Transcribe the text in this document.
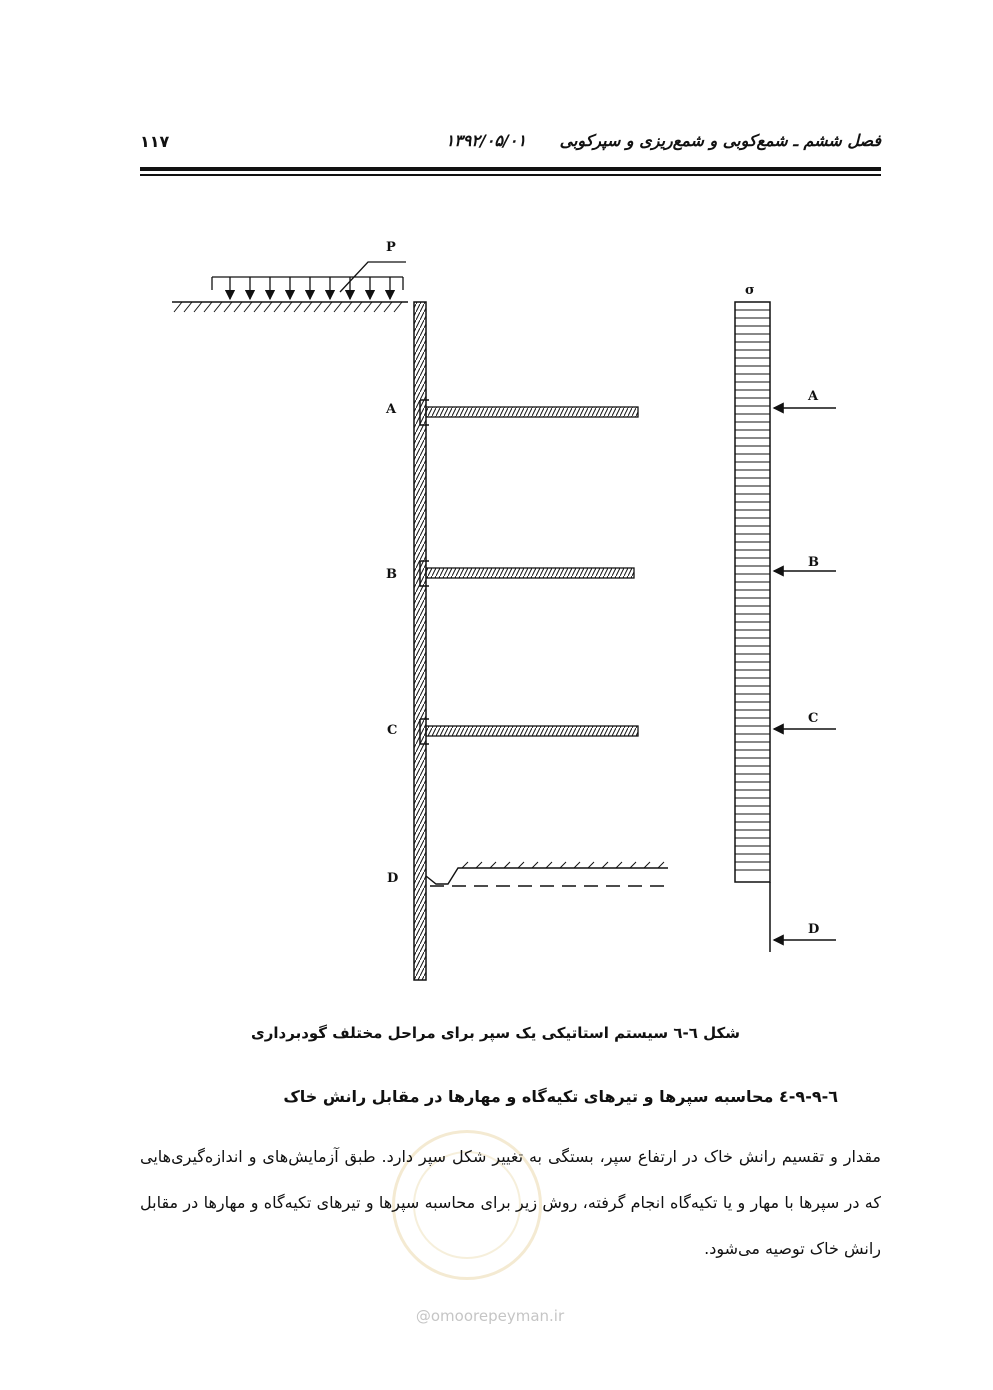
۱۱۷	فصل ششم ـ شمع‌کوبی و شمع‌ریزی و سپرکوبی ۱۳۹۲/۰۵/۰۱
P
A
B
C
D
σ
A
B
C
D
شکل ٦-٦ سیستم استاتیکی یک سپر برای مراحل مختلف گودبرداری
٦-٩-٩-٤ محاسبه سپرها و تیرهای تکیه‌گاه و مهارها در مقابل رانش خاک
مقدار و تقسیم رانش خاک در ارتفاع سپر، بستگی به تغییر شکل سپر دارد. طبق آزمایش‌های و اندازه‌گیری‌هایی که در سپرها با مهار و یا تکیه‌گاه انجام گرفته، روش زیر برای محاسبه سپرها و تیرهای تکیه‌گاه و مهارها در مقابل رانش خاک توصیه می‌شود.
@omoorepeyman.ir
